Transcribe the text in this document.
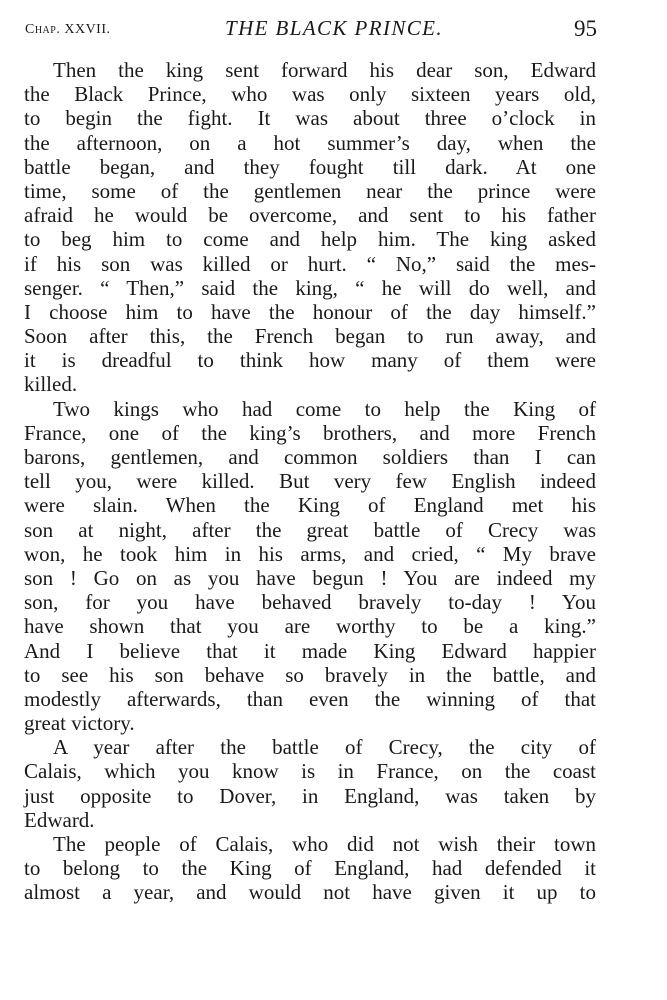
Chap. XXVII.	THE BLACK PRINCE.	95
Then the king sent forward his dear son, Edward
the Black Prince, who was only sixteen years old,
to begin the fight. It was about three o’clock in
the afternoon, on a hot summer’s day, when the
battle began, and they fought till dark. At one
time, some of the gentlemen near the prince were
afraid he would be overcome, and sent to his father
to beg him to come and help him. The king asked
if his son was killed or hurt. “ No,” said the mes-
senger. “ Then,” said the king, “ he will do well, and
I choose him to have the honour of the day himself.”
Soon after this, the French began to run away, and
it is dreadful to think how many of them were
killed.
Two kings who had come to help the King of
France, one of the king’s brothers, and more French
barons, gentlemen, and common soldiers than I can
tell you, were killed. But very few English indeed
were slain. When the King of England met his
son at night, after the great battle of Crecy was
won, he took him in his arms, and cried, “ My brave
son ! Go on as you have begun ! You are indeed my
son, for you have behaved bravely to-day ! You
have shown that you are worthy to be a king.”
And I believe that it made King Edward happier
to see his son behave so bravely in the battle, and
modestly afterwards, than even the winning of that
great victory.
A year after the battle of Crecy, the city of
Calais, which you know is in France, on the coast
just opposite to Dover, in England, was taken by
Edward.
The people of Calais, who did not wish their town
to belong to the King of England, had defended it
almost a year, and would not have given it up to
